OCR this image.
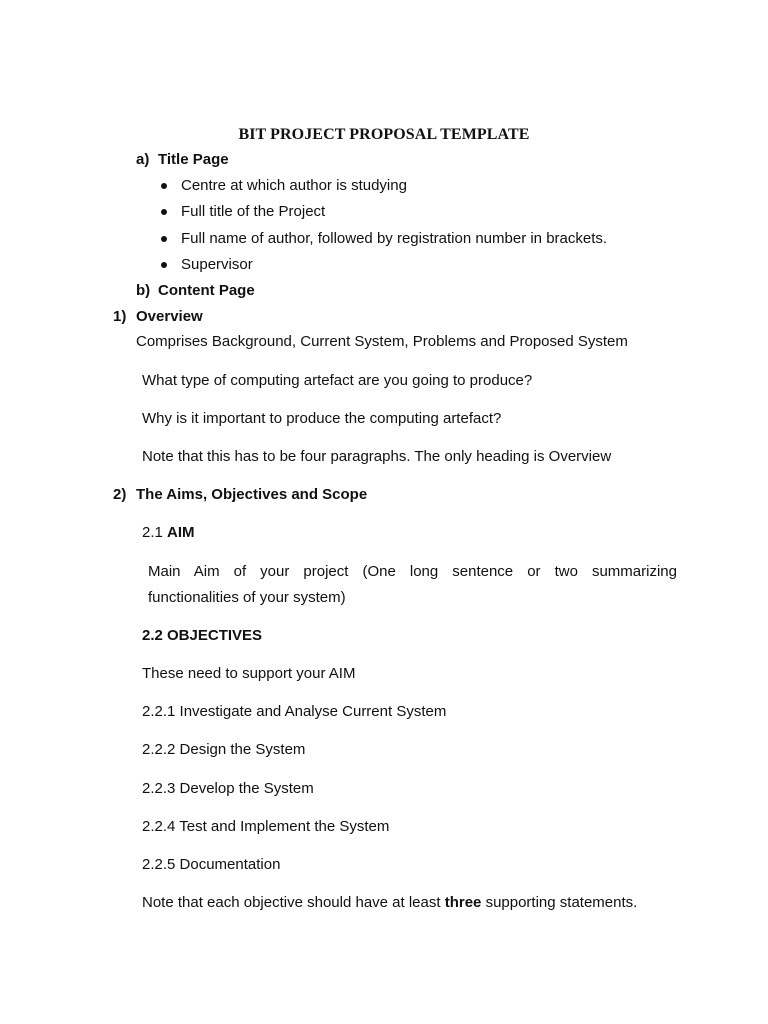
BIT PROJECT PROPOSAL TEMPLATE
a) Title Page
Centre at which author is studying
Full title of the Project
Full name of author, followed by registration number in brackets.
Supervisor
b) Content Page
1) Overview
Comprises Background, Current System, Problems and Proposed System
What type of computing artefact are you going to produce?
Why is it important to produce the computing artefact?
Note that this has to be four paragraphs. The only heading is Overview
2) The Aims, Objectives and Scope
2.1 AIM
Main Aim of your project (One long sentence or two summarizing
functionalities of your system)
2.2 OBJECTIVES
These need to support your AIM
2.2.1 Investigate and Analyse Current System
2.2.2 Design the System
2.2.3 Develop the System
2.2.4 Test and Implement the System
2.2.5 Documentation
Note that each objective should have at least three supporting statements.
